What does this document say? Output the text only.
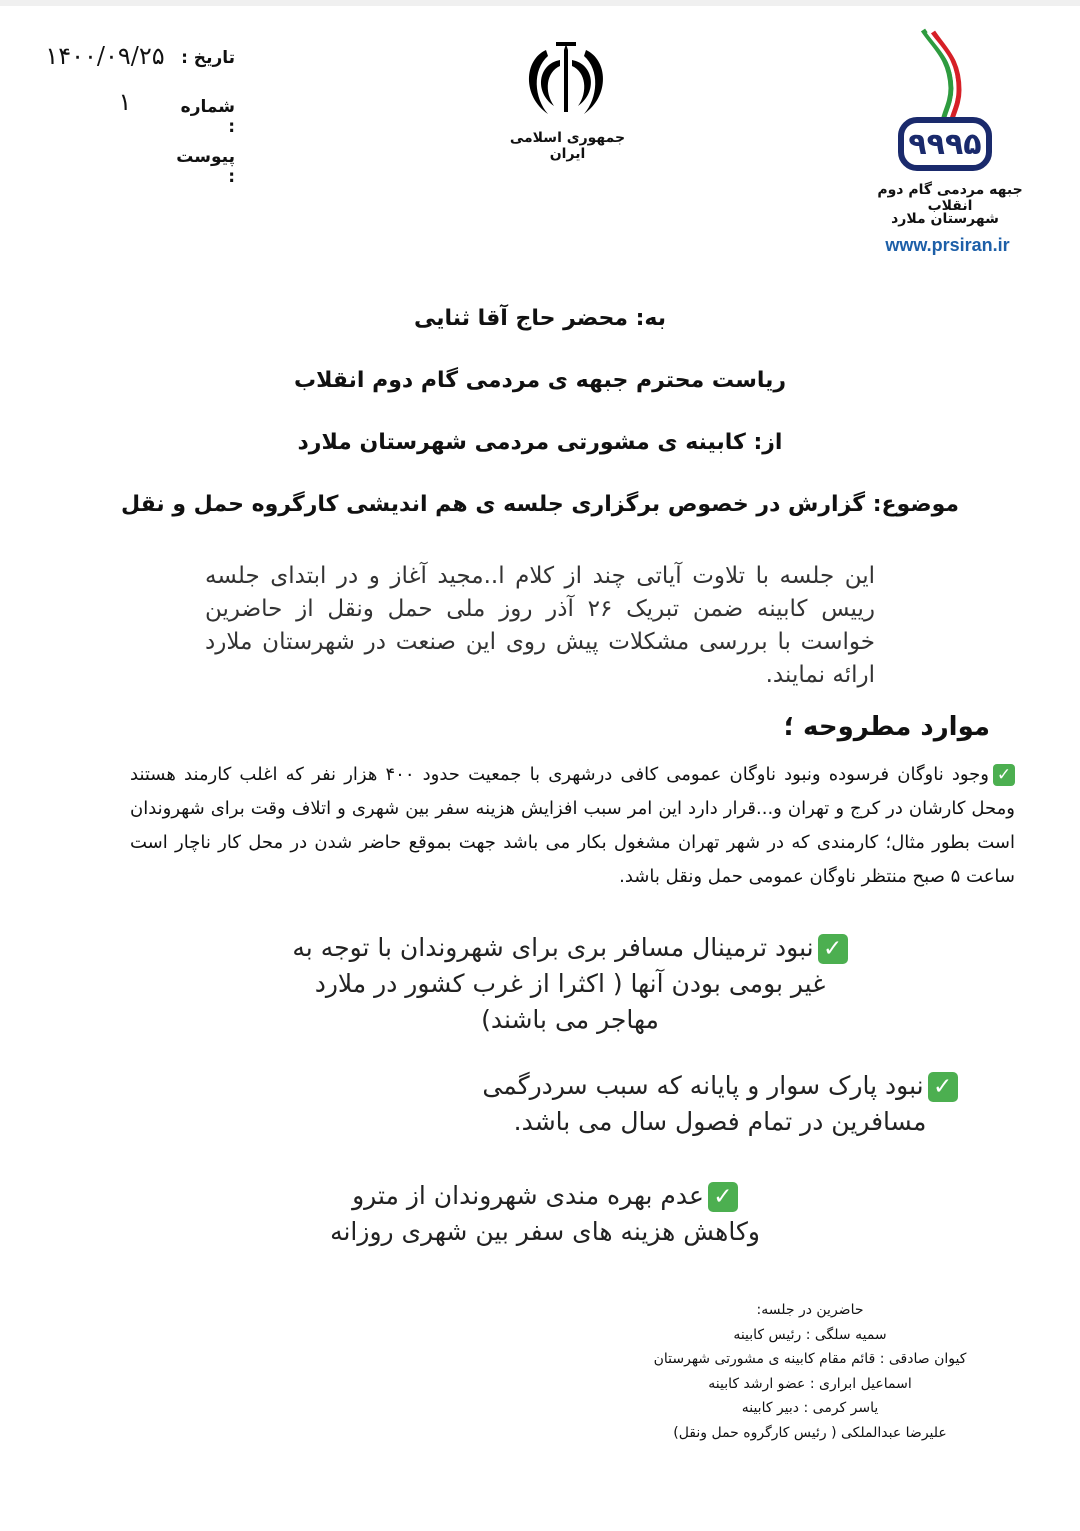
تاریخ :
۱۴۰۰/۰۹/۲۵
شماره :
۱
پیوست :
جمهوری اسلامی ایران	۹۹۹۵
جبهه مردمی گام دوم انقلاب
شهرستان ملارد
www.prsiran.ir
به: محضر حاج آقا ثنایی
ریاست محترم جبهه ی مردمی گام دوم انقلاب
از: کابینه ی مشورتی مردمی شهرستان ملارد
موضوع: گزارش در خصوص برگزاری جلسه ی هم اندیشی کارگروه حمل و نقل
این جلسه با تلاوت آیاتی چند از کلام ا..مجید آغاز و در ابتدای جلسه رییس کابینه ضمن تبریک ۲۶ آذر روز ملی حمل ونقل از حاضرین خواست با بررسی مشکلات پیش روی این صنعت در شهرستان ملارد ارائه نمایند.
موارد مطروحه ؛
✓وجود ناوگان فرسوده ونبود ناوگان عمومی کافی درشهری با جمعیت حدود ۴۰۰ هزار نفر که اغلب کارمند هستند ومحل کارشان در کرج و تهران و...قرار دارد این امر سبب افزایش هزینه سفر بین شهری و اتلاف وقت برای شهروندان است بطور مثال؛ کارمندی که در شهر تهران مشغول بکار می باشد جهت بموقع حاضر شدن در محل کار ناچار است ساعت ۵ صبح منتظر ناوگان عمومی حمل ونقل باشد.
✓نبود ترمینال مسافر بری برای شهروندان با توجه به غیر بومی بودن آنها ( اکثرا از غرب کشور در ملارد مهاجر می باشند)
✓نبود پارک سوار و پایانه که سبب سردرگمی مسافرین در تمام فصول سال می باشد.
✓عدم بهره مندی شهروندان از مترو وکاهش هزینه های سفر بین شهری روزانه
حاضرین در جلسه:
سمیه سلگی : رئیس کابینه
کیوان صادقی : قائم مقام کابینه ی مشورتی شهرستان
اسماعیل ابراری : عضو ارشد کابینه
یاسر کرمی : دبیر کابینه
علیرضا عبدالملکی ( رئیس کارگروه حمل ونقل)
